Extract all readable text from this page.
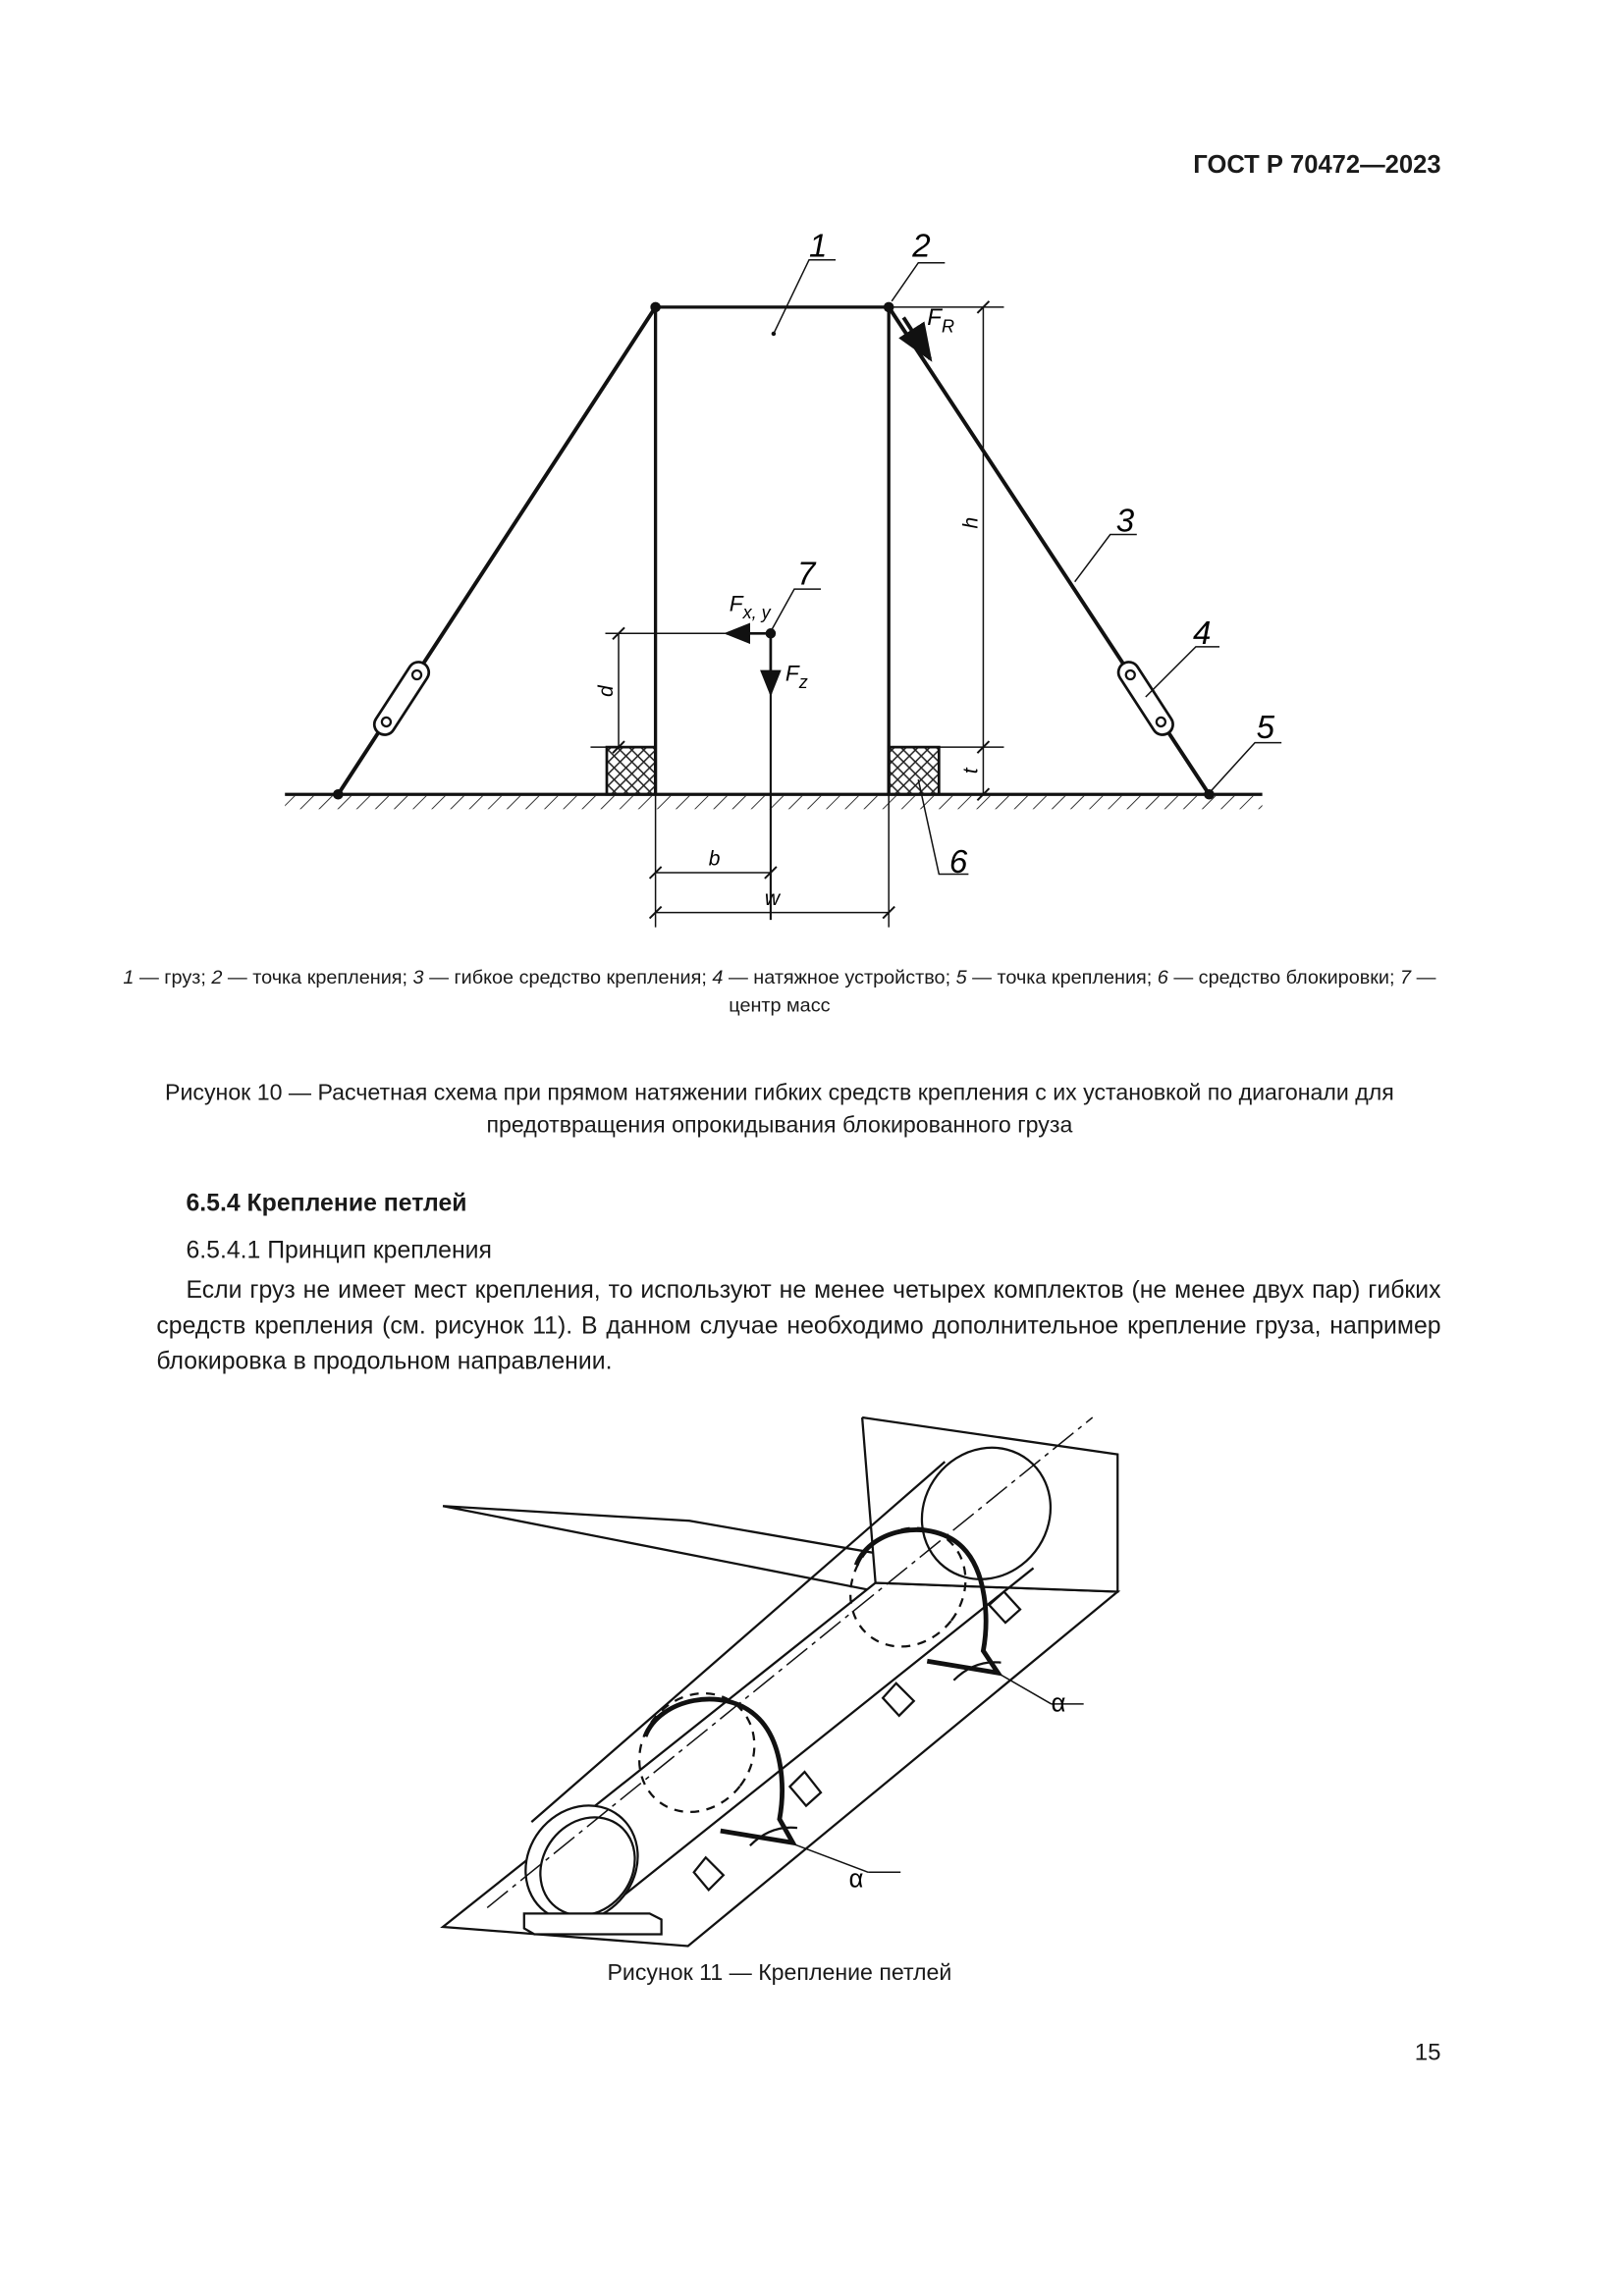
ГОСТ Р 70472—2023
1	2
3
4
5
6
7
$F_R$
$F_{x, y}$
$F_z$
h
t
d
b
w
1 — груз; 2 — точка крепления; 3 — гибкое средство крепления; 4 — натяжное устройство; 5 — точка крепления; 6 — средство блокировки; 7 — центр масс
Рисунок 10 — Расчетная схема при прямом натяжении гибких средств крепления с их установкой по диагонали для предотвращения опрокидывания блокированного груза
6.5.4 Крепление петлей
6.5.4.1 Принцип крепления

Если груз не имеет мест крепления, то используют не менее четырех комплектов (не менее двух пар) гибких средств крепления (см. рисунок 11). В данном случае необходимо дополнительное крепление груза, например блокировка в продольном направлении.

α
α
Рисунок 11 — Крепление петлей
15
